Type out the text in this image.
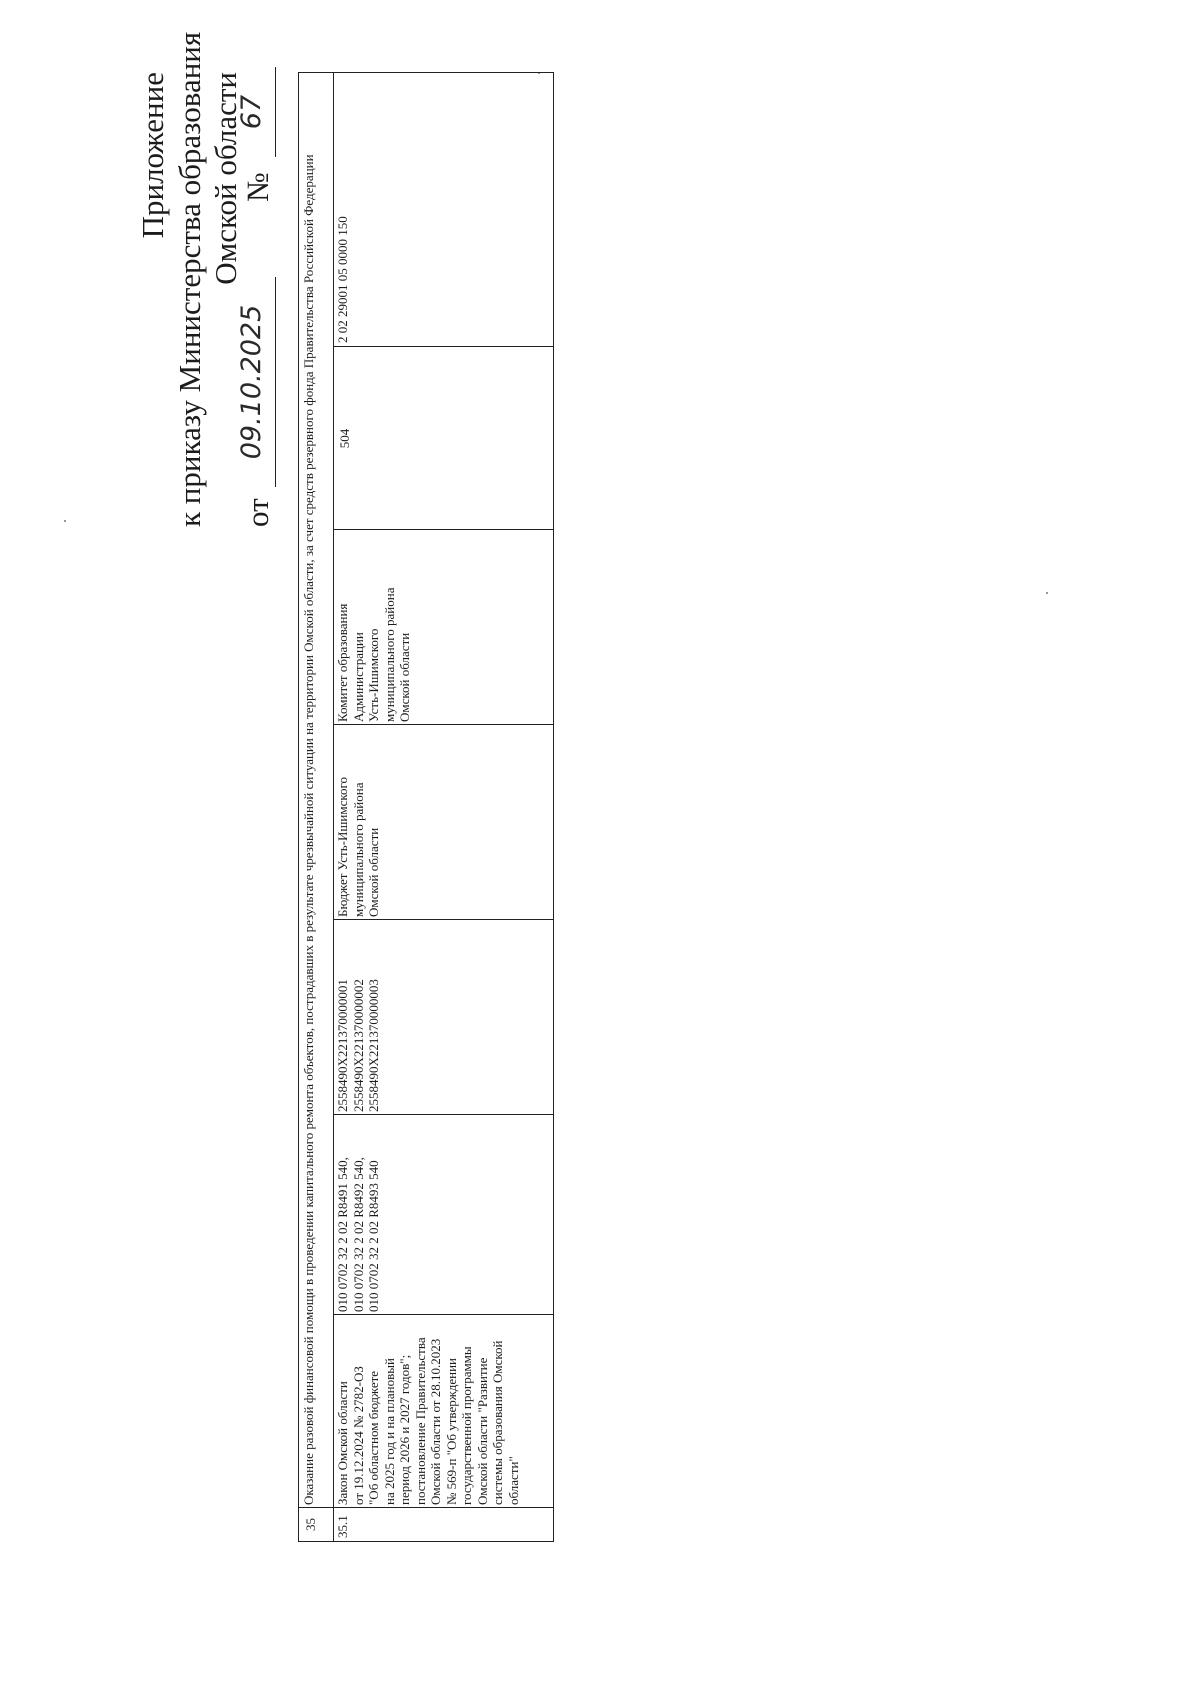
Приложение к приказу Министерства образования Омской области
от
09.10.2025
№
67
35
Оказание разовой финансовой помощи в проведении капитального ремонта объектов, пострадавших в результате чрезвычайной ситуации на территории Омской области, за счет средств резервного фонда Правительства Российской Федерации
35.1
Закон Омской области от 19.12.2024 № 2782-ОЗ "Об областном бюджете на 2025 год и на плановый период 2026 и 2027 годов"; постановление Правительства Омской области от 28.10.2023 № 569-п "Об утверждении государственной программы Омской области "Развитие системы образования Омской области"
010 0702 32 2 02 R8491 540, 010 0702 32 2 02 R8492 540, 010 0702 32 2 02 R8493 540
2558490X221370000001 2558490X221370000002 2558490X221370000003
Бюджет Усть-Ишимского муниципального района Омской области
Комитет образования Администрации Усть-Ишимского муниципального района Омской области
504
2 02 29001 05 0000 150
